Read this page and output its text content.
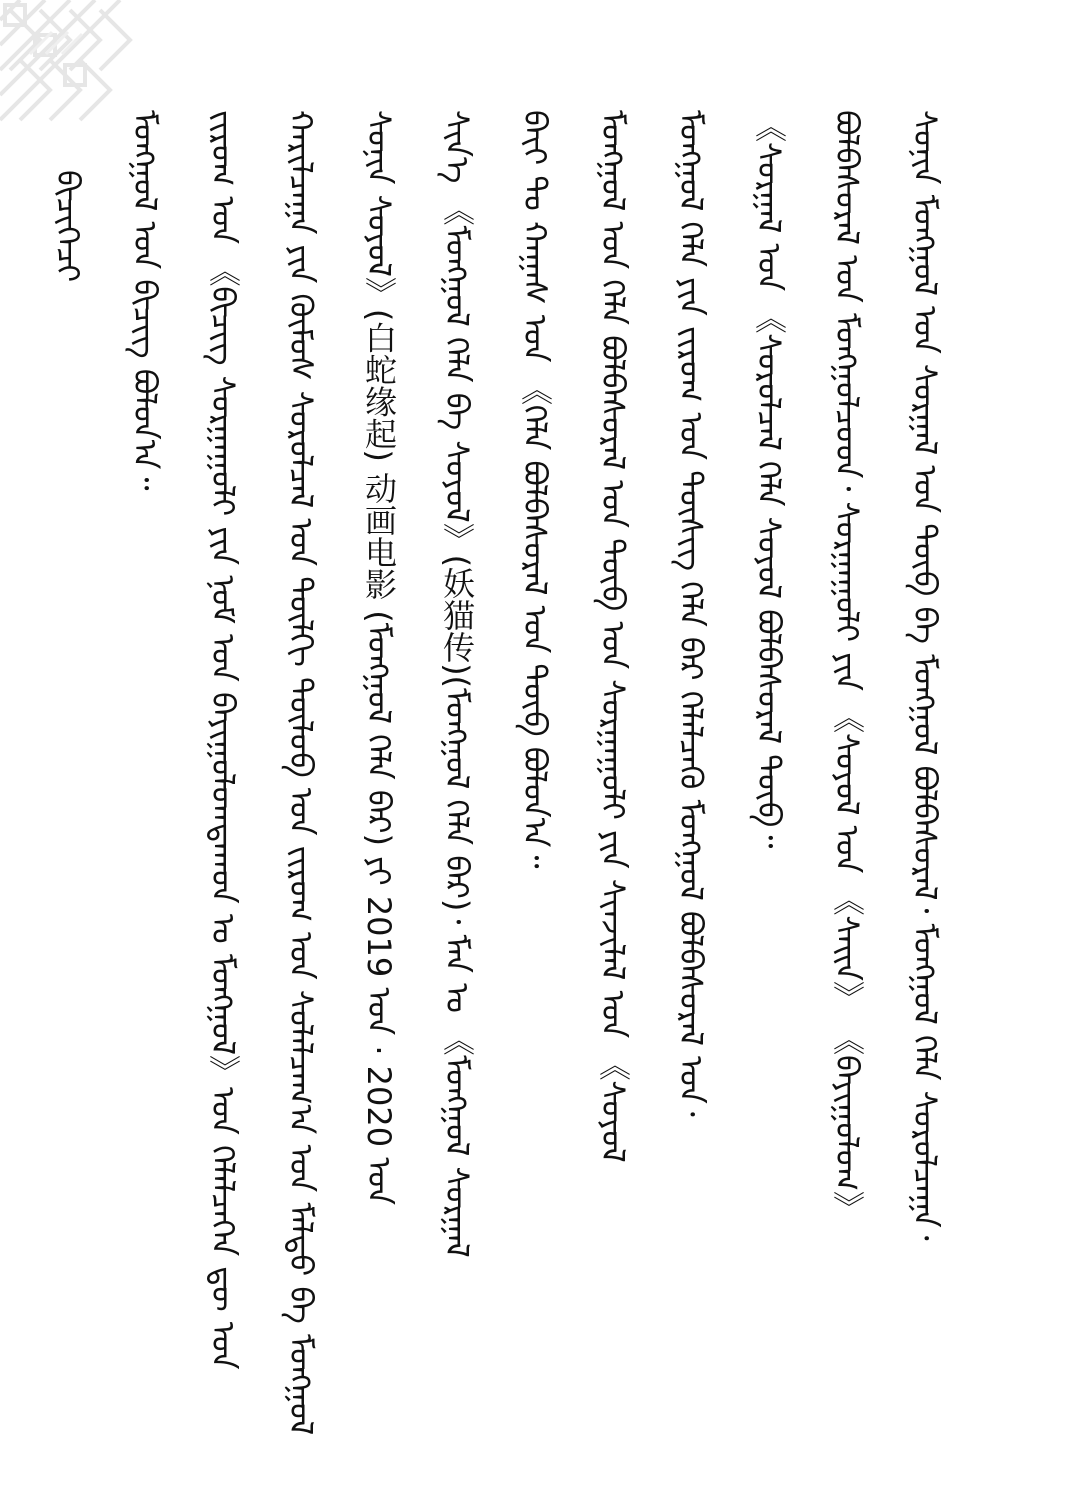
ᠮᠣᠩᠭᠣᠯ ᠤᠨ ᠪᠢᠴᠢᠭ᠌ ᠪᠣᠯᠤᠨ᠎ᠠ᠃	ᠵᠢᠷᠤᠭ ᠤᠨ 《ᠪᠢᠴᠢᠭ ᠰᠤᠷᠭᠠᠭᠤᠯᠢ ᠶᠢᠨ ᠨᠣᠮ ᠤᠨ ᠪᠠᠶᠢᠭᠤᠯᠤᠭᠳᠠᠬᠤᠨ ᠤ ᠮᠣᠩᠭᠣᠯ》ᠤᠨ ᠬᠡᠯᠡᠯᠴᠡᠭᠡᠨ ᠳᠦ ᠤᠨ	ᠬᠠᠷᠢᠯᠴᠠᠭᠠ ᠶᠢᠨ ᠬᠥᠮᠦᠰ ᠰᠤᠷᠤᠯᠴᠠᠯ ᠤᠨ ᠲᠦᠯᠬᠢ ᠲᠥᠯᠦᠪ ᠤᠨ ᠵᠢᠷᠤᠭ ᠤᠨ ᠰᠤᠯᠠᠯᠴᠠᠭ᠎ᠠ ᠤᠨ ᠮᠠᠯᠲᠤ ᠪᠠ ᠮᠣᠩᠭᠣᠯ	ᠰᠣᠨᠢᠨ ᠰᠣᠶᠤᠯ》(白蛇缘起) 动画电影 (ᠮᠣᠩᠭᠣᠯ ᠬᠡᠯᠡ ᠪᠡᠷ) ᠶᠢ 2019 ᠣᠨ · 2020 ᠣᠨ	ᠰᠢᠨ᠎ᠡ 《ᠮᠣᠩᠭᠣᠯ ᠬᠡᠯᠡ ᠪᠠ ᠰᠣᠶᠤᠯ》(妖猫传)(ᠮᠣᠩᠭᠣᠯ ᠬᠡᠯᠡ ᠪᠡᠷ)᠂ ᠮᠠᠨ ᠤ 《ᠮᠣᠩᠭᠣᠯ ᠰᠤᠷᠭᠠᠯ	ᠪᠠᠶ᠋ᠢ ᠲᠣ ᠬᠠᠭᠠᠰ ᠤᠨ 《ᠬᠡᠯᠡ ᠪᠣᠯᠪᠠᠰᠤᠷᠠᠯ ᠤᠨ ᠲᠥᠪ ᠪᠣᠯᠤᠨ᠎ᠠ᠃	ᠮᠣᠩᠭᠣᠯ ᠤᠨ ᠬᠡᠯᠡ ᠪᠣᠯᠪᠠᠰᠤᠷᠠᠯ ᠤᠨ ᠲᠥᠪ ᠤᠨ ᠰᠤᠷᠭᠠᠭᠤᠯᠢ ᠶᠢᠨ ᠰᠢᠨᠵᠢᠯᠡᠯ ᠤᠨ 《ᠰᠣᠶᠤᠯ	ᠮᠣᠩᠭᠣᠯ ᠬᠡᠯᠡ ᠶᠢᠨ ᠵᠢᠷᠤᠭ ᠤᠨ ᠲᠦᠰᠢᠭ ᠬᠡᠯᠡ ᠪᠡᠷ ᠬᠡᠯᠡᠯᠴᠡᠬᠦ ᠮᠣᠩᠭᠣᠯ ᠪᠣᠯᠪᠠᠰᠤᠷᠠᠯ ᠤᠨ᠂	《ᠰᠤᠷᠭᠠᠯ ᠤᠨ 《ᠰᠤᠷᠤᠯᠴᠠᠯ ᠬᠡᠯᠡ ᠰᠤᠶᠤᠯ ᠪᠣᠯᠪᠠᠰᠤᠷᠠᠯ ᠲᠥᠪ᠃	ᠪᠣᠯᠪᠠᠰᠤᠷᠠᠯ ᠤᠨ ᠮᠣᠩᠭᠣᠯᠴᠤᠳ᠂ ᠰᠤᠷᠭᠠᠭᠤᠯᠢ ᠶᠢᠨ 《ᠰᠣᠶᠤᠯ ᠤᠨ 《ᠰᠠᠢᠨ》 《ᠪᠠᠶᠢᠭᠤᠯᠤᠭ》	ᠰᠣᠨᠢᠨ ᠮᠣᠩᠭᠣᠯ ᠤᠨ ᠰᠤᠷᠭᠠᠯ ᠤᠨ ᠲᠥᠪ ᠪᠠ ᠮᠣᠩᠭᠣᠯ ᠪᠣᠯᠪᠠᠰᠤᠷᠠᠯ᠂ ᠮᠣᠩᠭᠣᠯ ᠬᠡᠯᠡ ᠰᠤᠷᠤᠯᠴᠠᠭᠠ᠂
ᠪᠢᠴᠢᠭᠡᠴᠢ
